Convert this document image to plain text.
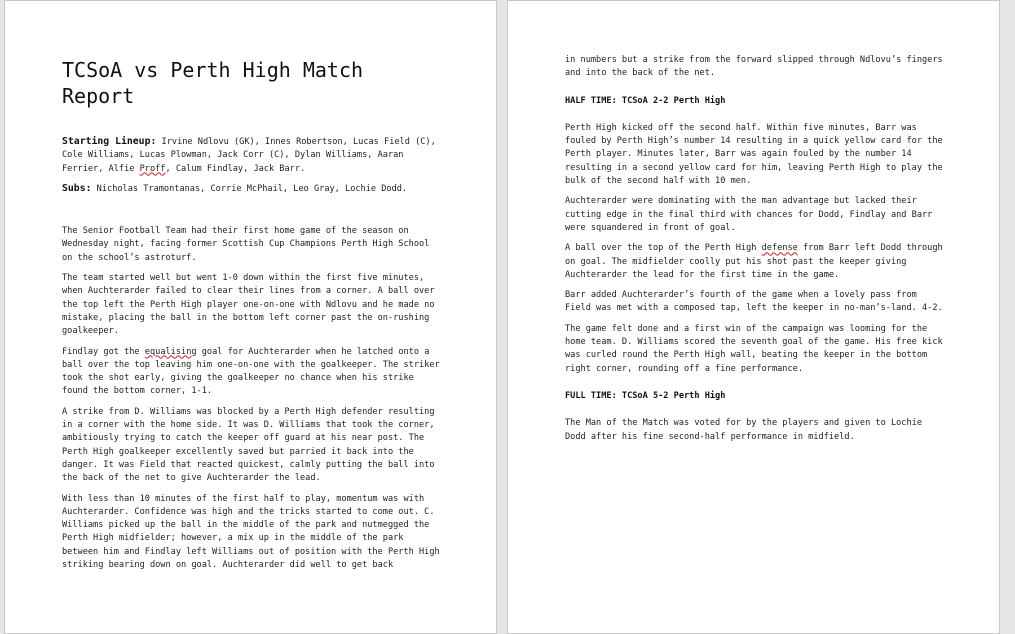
TCSoA vs Perth High Match Report

Starting Lineup: Irvine Ndlovu (GK), Innes Robertson, Lucas Field (C), Cole Williams, Lucas Plowman, Jack Corr (C), Dylan Williams, Aaran Ferrier, Alfie Proff, Calum Findlay, Jack Barr.

Subs: Nicholas Tramontanas, Corrie McPhail, Leo Gray, Lochie Dodd.

The Senior Football Team had their first home game of the season on Wednesday night, facing former Scottish Cup Champions Perth High School on the school’s astroturf.

The team started well but went 1-0 down within the first five minutes, when Auchterarder failed to clear their lines from a corner. A ball over the top left the Perth High player one-on-one with Ndlovu and he made no mistake, placing the ball in the bottom left corner past the on-rushing goalkeeper.

Findlay got the equalising goal for Auchterarder when he latched onto a ball over the top leaving him one-on-one with the goalkeeper. The striker took the shot early, giving the goalkeeper no chance when his strike found the bottom corner, 1-1.

A strike from D. Williams was blocked by a Perth High defender resulting in a corner with the home side. It was D. Williams that took the corner, ambitiously trying to catch the keeper off guard at his near post. The Perth High goalkeeper excellently saved but parried it back into the danger. It was Field that reacted quickest, calmly putting the ball into the back of the net to give Auchterarder the lead.

With less than 10 minutes of the first half to play, momentum was with Auchterarder. Confidence was high and the tricks started to come out. C. Williams picked up the ball in the middle of the park and nutmegged the Perth High midfielder; however, a mix up in the middle of the park between him and Findlay left Williams out of position with the Perth High striking bearing down on goal. Auchterarder did well to get back

in numbers but a strike from the forward slipped through Ndlovu’s fingers and into the back of the net.

HALF TIME: TCSoA 2-2 Perth High

Perth High kicked off the second half. Within five minutes, Barr was fouled by Perth High’s number 14 resulting in a quick yellow card for the Perth player. Minutes later, Barr was again fouled by the number 14 resulting in a second yellow card for him, leaving Perth High to play the bulk of the second half with 10 men.

Auchterarder were dominating with the man advantage but lacked their cutting edge in the final third with chances for Dodd, Findlay and Barr were squandered in front of goal.

A ball over the top of the Perth High defense from Barr left Dodd through on goal. The midfielder coolly put his shot past the keeper giving Auchterarder the lead for the first time in the game.

Barr added Auchterarder’s fourth of the game when a lovely pass from Field was met with a composed tap, left the keeper in no-man’s-land. 4-2.

The game felt done and a first win of the campaign was looming for the home team. D. Williams scored the seventh goal of the game. His free kick was curled round the Perth High wall, beating the keeper in the bottom right corner, rounding off a fine performance.

FULL TIME: TCSoA 5-2 Perth High

The Man of the Match was voted for by the players and given to Lochie Dodd after his fine second-half performance in midfield.
